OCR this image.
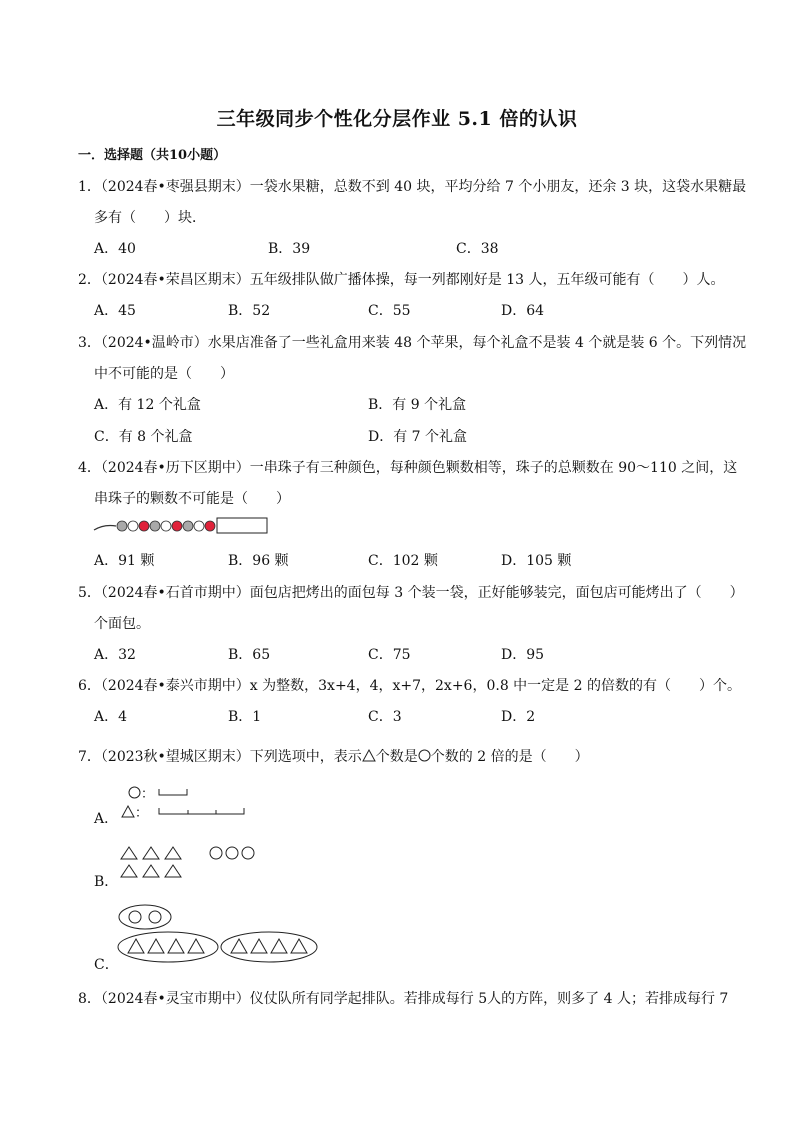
三年级同步个性化分层作业 5.1 倍的认识
一．选择题（共10小题）
1．（2024春•枣强县期末）一袋水果糖，总数不到 40 块，平均分给 7 个小朋友，还余 3 块，这袋水果糖最
多有（　　）块．
A．40	B．39	C．38
2．（2024春•荣昌区期末）五年级排队做广播体操，每一列都刚好是 13 人，五年级可能有（　　）人。
A．45	B．52	C．55	D．64
3．（2024•温岭市）水果店准备了一些礼盒用来装 48 个苹果，每个礼盒不是装 4 个就是装 6 个。下列情况
中不可能的是（　　）
A．有 12 个礼盒	B．有 9 个礼盒
C．有 8 个礼盒	D．有 7 个礼盒
4．（2024春•历下区期中）一串珠子有三种颜色，每种颜色颗数相等，珠子的总颗数在 90～110 之间，这
串珠子的颗数不可能是（　　）
A．91 颗	B．96 颗	C．102 颗	D．105 颗
5．（2024春•石首市期中）面包店把烤出的面包每 3 个装一袋，正好能够装完，面包店可能烤出了（　　）
个面包。
A．32	B．65	C．75	D．95
6．（2024春•泰兴市期中）x 为整数，3x+4，4，x+7，2x+6，0.8 中一定是 2 的倍数的有（　　）个。
A．4	B．1	C．3	D．2
7．（2023秋•望城区期末）下列选项中，表示 个数是 个数的 2 倍的是（　　）
：
：
A．
B．
C．
8．（2024春•灵宝市期中）仪仗队所有同学起排队。若排成每行 5人的方阵，则多了 4 人；若排成每行 7
